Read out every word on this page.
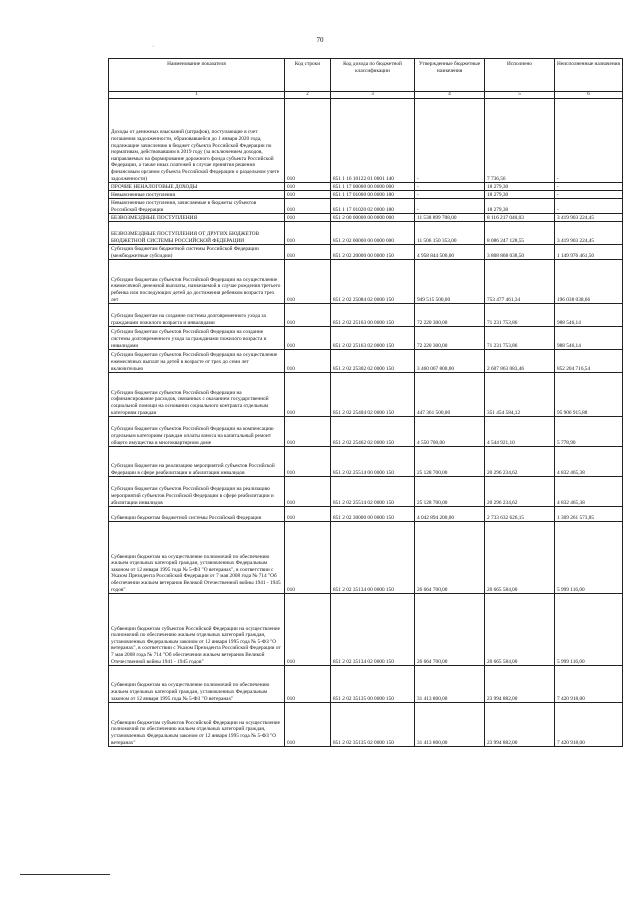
70
·
Наименование показателя	Код строки	Код дохода по бюджетной классификации	Утвержденные бюджетные назначения	Исполнено	Неисполненные назначения
1	2	3	4	5	6
Доходы от денежных взысканий (штрафов), поступающие в счет погашения задолженности, образовавшейся до 1 января 2020 года, подлежащие зачислению в бюджет субъекта Российской Федерации по нормативам, действовавшим в 2019 году (за исключением доходов, направляемых на формирование дорожного фонда субъекта Российской Федерации, а также иных платежей в случае принятия решения финансовым органом субъекта Российской Федерации о раздельном учете задолженности)	010	851 1 16 10122 01 0001 140	-	7 736,56	-
ПРОЧИЕ НЕНАЛОГОВЫЕ ДОХОДЫ	010	851 1 17 00000 00 0000 000	-	18 279,30	-
Невыясненные поступления	010	851 1 17 01000 00 0000 180	-	18 279,30	-
Невыясненные поступления, зачисляемые в бюджеты субъектов Российской Федерации	010	851 1 17 01020 02 0000 180	-	18 279,30	-
БЕЗВОЗМЕЗДНЫЕ ПОСТУПЛЕНИЯ	010	851 2 00 00000 00 0000 000	11 538 899 708,00	8 116 217 040,03	3 419 903 224,45
БЕЗВОЗМЕЗДНЫЕ ПОСТУПЛЕНИЯ ОТ ДРУГИХ БЮДЖЕТОВ БЮДЖЕТНОЙ СИСТЕМЫ РОССИЙСКОЙ ФЕДЕРАЦИИ	010	851 2 02 00000 00 0000 000	11 506 150 353,00	8 086 247 128,55	3 419 903 224,45
Субсидии бюджетам бюджетной системы Российской Федерации (межбюджетные субсидии)	010	851 2 02 20000 00 0000 150	4 958 844 500,00	3 808 868 038,50	1 149 976 461,50
Субсидии бюджетам субъектов Российской Федерации на осуществление ежемесячной денежной выплаты, назначаемой в случае рождения третьего ребенка или последующих детей до достижения ребенком возраста трех лет	010	851 2 02 25084 02 0000 150	949 515 500,00	753 477 461,34	196 038 038,66
Субсидии бюджетам на создание системы долговременного ухода за гражданами пожилого возраста и инвалидами	010	851 2 02 25163 00 0000 150	72 220 300,00	71 231 753,86	988 546,14
Субсидии бюджетам субъектов Российской Федерации на создание системы долговременного ухода за гражданами пожилого возраста и инвалидами	010	851 2 02 25163 02 0000 150	72 220 300,00	71 231 753,86	988 546,14
Субсидии бюджетам субъектов Российской Федерации на осуществление ежемесячных выплат на детей в возрасте от трех до семи лет включительно	010	851 2 02 25302 02 0000 150	3 460 067 800,00	2 607 863 083,46	852 204 716,54
Субсидии бюджетам субъектов Российской Федерации на софинансирование расходов, связанных с оказанием государственной социальной помощи на основании социального контракта отдельным категориям граждан	010	851 2 02 25404 02 0000 150	447 361 500,00	351 454 584,12	95 906 915,88
Субсидии бюджетам субъектов Российской Федерации на компенсацию отдельным категориям граждан оплаты взноса на капитальный ремонт общего имущества в многоквартирном доме	010	851 2 02 25462 02 0000 150	4 550 700,00	4 544 921,10	5 778,90
Субсидии бюджетам на реализацию мероприятий субъектов Российской Федерации в сфере реабилитации и абилитации инвалидов	010	851 2 02 25514 00 0000 150	25 128 700,00	20 296 234,62	4 832 465,38
Субсидии бюджетам субъектов Российской Федерации на реализацию мероприятий субъектов Российской Федерации в сфере реабилитации и абилитации инвалидов	010	851 2 02 25514 02 0000 150	25 128 700,00	20 296 234,62	4 832 465,38
Субвенции бюджетам бюджетной системы Российской Федерации	010	851 2 02 30000 00 0000 150	4 042 894 200,00	2 733 632 626,15	1 309 261 573,85
Субвенции бюджетам на осуществление полномочий по обеспечению жильем отдельных категорий граждан, установленных Федеральным законом от 12 января 1995 года № 5-ФЗ "О ветеранах", в соответствии с Указом Президента Российской Федерации от 7 мая 2008 года № 714 "Об обеспечении жильем ветеранов Великой Отечественной войны 1941 - 1945 годов"	010	851 2 02 35134 00 0000 150	26 664 700,00	20 665 584,00	5 999 116,00
Субвенции бюджетам субъектов Российской Федерации на осуществление полномочий по обеспечению жильем отдельных категорий граждан, установленных Федеральным законом от 12 января 1995 года № 5-ФЗ "О ветеранах", в соответствии с Указом Президента Российской Федерации от 7 мая 2008 года № 714 "Об обеспечении жильем ветеранов Великой Отечественной войны 1941 - 1945 годов"	010	851 2 02 35134 02 0000 150	26 664 700,00	20 665 584,00	5 999 116,00
Субвенции бюджетам на осуществление полномочий по обеспечению жильем отдельных категорий граждан, установленных Федеральным законом от 12 января 1995 года № 5-ФЗ "О ветеранах"	010	851 2 02 35135 00 0000 150	31 413 800,00	23 994 882,00	7 420 918,00
Субвенции бюджетам субъектов Российской Федерации на осуществление полномочий по обеспечению жильем отдельных категорий граждан, установленных Федеральным законом от 12 января 1995 года № 5-ФЗ "О ветеранах"	010	851 2 02 35135 02 0000 150	31 413 800,00	23 994 882,00	7 420 918,00
